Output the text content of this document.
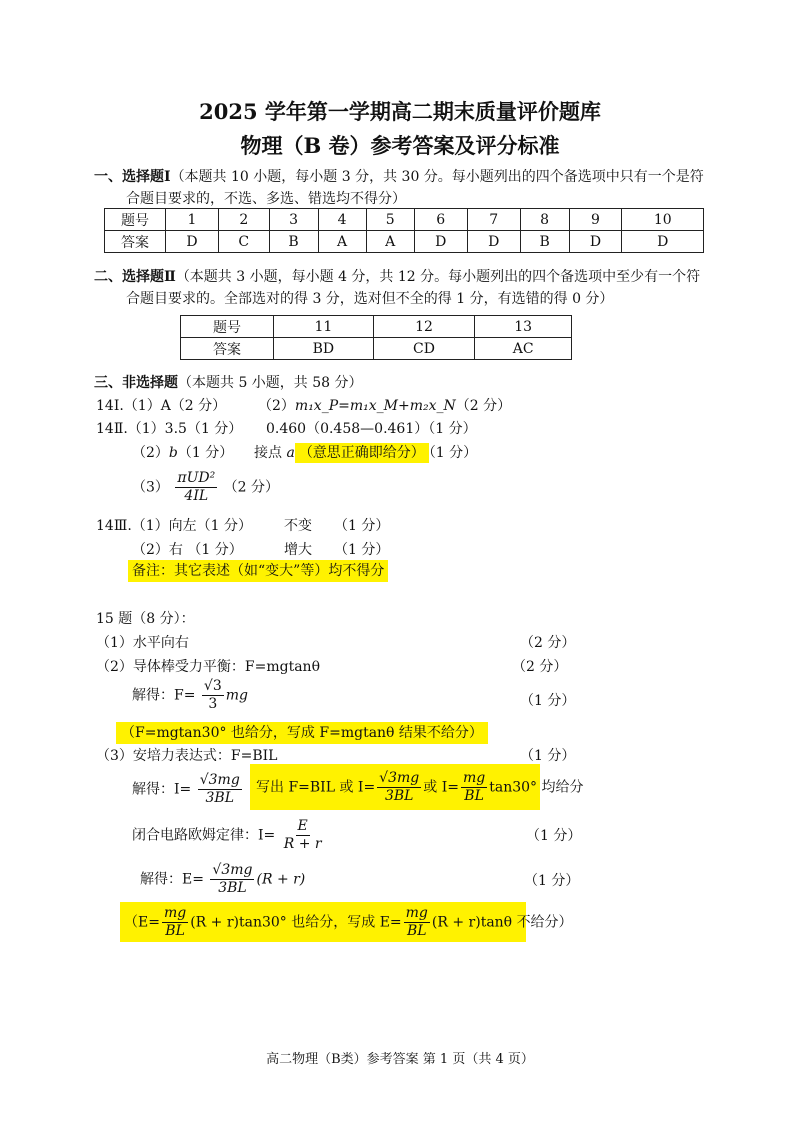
2025 学年第一学期高二期末质量评价题库
物理（B 卷）参考答案及评分标准
一、选择题Ⅰ（本题共 10 小题，每小题 3 分，共 30 分。每小题列出的四个备选项中只有一个是符
合题目要求的，不选、多选、错选均不得分）
题号	1	2	3	4	5	6	7	8	9	10
答案	D	C	B	A	A	D	D	B	D	D
二、选择题Ⅱ（本题共 3 小题，每小题 4 分，共 12 分。每小题列出的四个备选项中至少有一个符
合题目要求的。全部选对的得 3 分，选对但不全的得 1 分，有选错的得 0 分）
题号	11	12	13
答案	BD	CD	AC
三、非选择题（本题共 5 小题，共 58 分）
14Ⅰ.（1）A（2 分） （2）m₁x_P=m₁x_M+m₂x_N（2 分）
14Ⅱ.（1）3.5（1 分） 0.460（0.458—0.461）（1 分）
（2）b（1 分） 接点 a （意思正确即给分） （1 分）
$(3) \frac{\text{πUD²}}{4IL} (2$ 分）
14Ⅲ.（1）向左（1 分） 不变 （1 分）
（2）右 （1 分）	增大 （1 分）
备注：其它表述（如“变大”等）均不得分
15 题（8 分）：
（1）水平向右	（2 分）
（2）导体棒受力平衡：F=mgtanθ	（2 分）
解得：$F= \frac{√3}{3}$ mg	（1 分）
（F=mgtan30° 也给分，写成 F=mgtanθ 结果不给分）
（3）安培力表达式：F=BIL	（1 分）
解得：$I= \frac{√3mg}{3BL}$ 写出 F=BIL 或 $I= \frac{√3mg}{3BL}$ 或 $I= \frac{mg}{BL} \tan 30^\circ$ 均给分
闭合电路欧姆定律：$I= \frac{E}{R + r}$	（1 分）
解得：$E= \frac{√3mg}{3BL} (R + r)$	（1 分）
（$E= \frac{mg}{BL} (R + r)\tan 30^\circ$ 也给分，写成 $E= \frac{mg}{BL} (R + r)\tan\theta$ 不给分）
高二物理（B类）参考答案 第 1 页（共 4 页）
